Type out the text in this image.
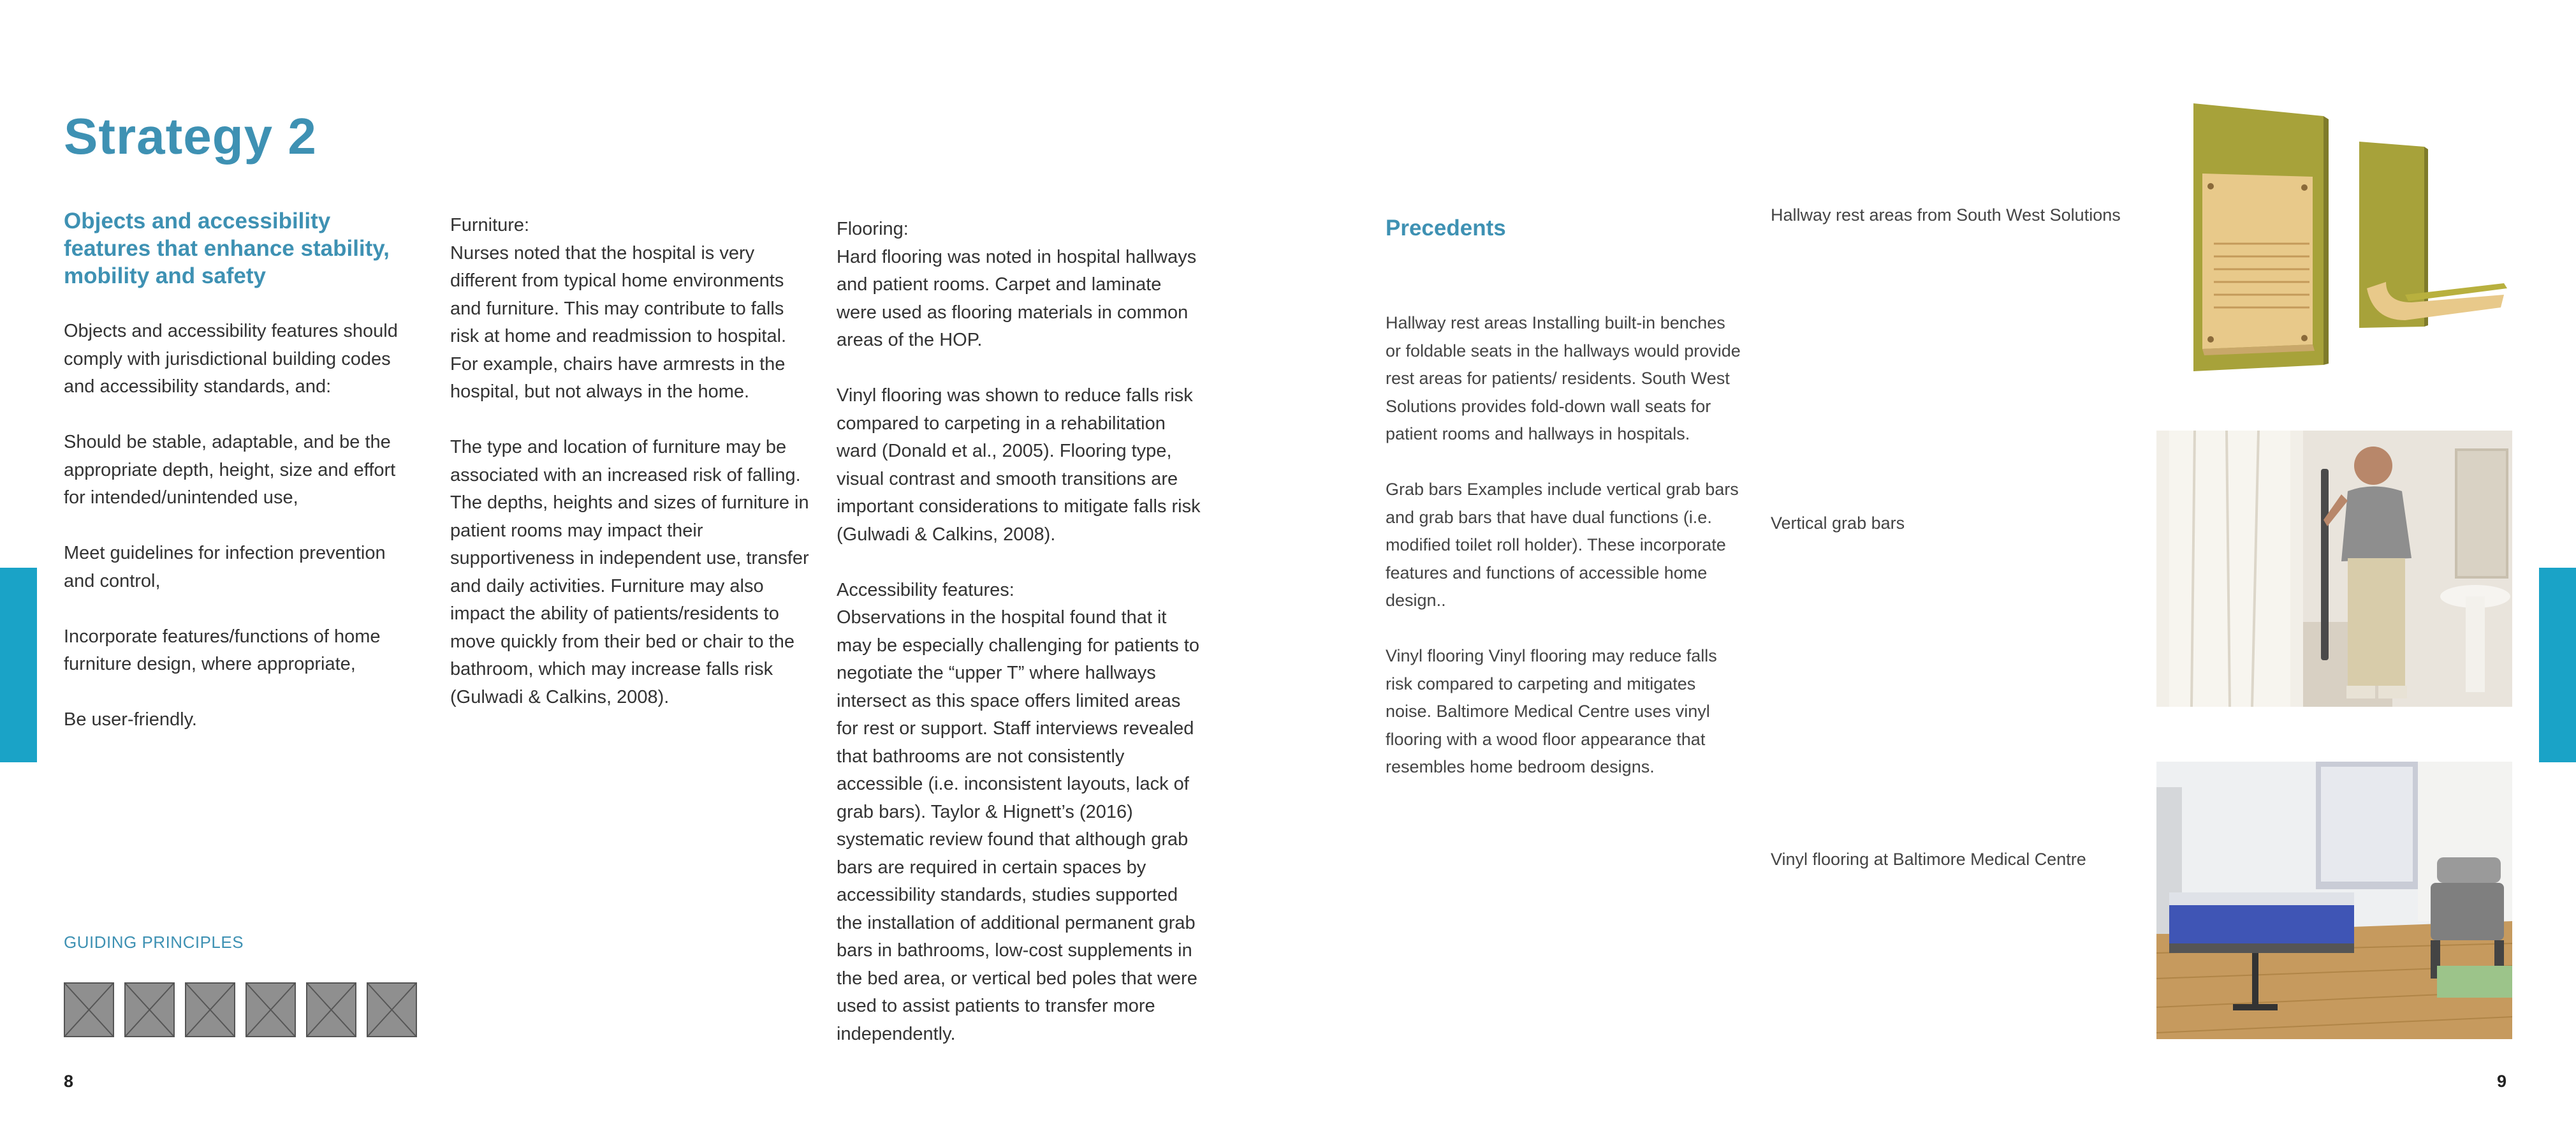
Strategy 2
Objects and accessibility features that enhance stability, mobility and safety

Objects and accessibility features should comply with jurisdictional building codes and accessibility standards, and:

Should be stable, adaptable, and be the appropriate depth, height, size and effort for intended/unintended use,

Meet guidelines for infection prevention and control,

Incorporate features/functions of home furniture design, where appropriate,

Be user-friendly.

Furniture:

Nurses noted that the hospital is very different from typical home environments and furniture. This may contribute to falls risk at home and readmission to hospital. For example, chairs have armrests in the hospital, but not always in the home.

The type and location of furniture may be associated with an increased risk of falling. The depths, heights and sizes of furniture in patient rooms may impact their supportiveness in independent use, transfer and daily activities. Furniture may also impact the ability of patients/residents to move quickly from their bed or chair to the bathroom, which may increase falls risk (Gulwadi & Calkins, 2008).

Flooring:

Hard flooring was noted in hospital hallways and patient rooms. Carpet and laminate were used as flooring materials in common areas of the HOP.

Vinyl flooring was shown to reduce falls risk compared to carpeting in a rehabilitation ward (Donald et al., 2005). Flooring type, visual contrast and smooth transitions are important considerations to mitigate falls risk (Gulwadi & Calkins, 2008).

Accessibility features:

Observations in the hospital found that it may be especially challenging for patients to negotiate the “upper T” where hallways intersect as this space offers limited areas for rest or support. Staff interviews revealed that bathrooms are not consistently accessible (i.e. inconsistent layouts, lack of grab bars). Taylor & Hignett’s (2016) systematic review found that although grab bars are required in certain spaces by accessibility standards, studies supported the installation of additional permanent grab bars in bathrooms, low-cost supplements in the bed area, or vertical bed poles that were used to assist patients to transfer more independently.

GUIDING PRINCIPLES
8
Precedents

Hallway rest areas Installing built-in benches or foldable seats in the hallways would provide rest areas for patients/ residents. South West Solutions provides fold-down wall seats for patient rooms and hallways in hospitals.

Grab bars Examples include vertical grab bars and grab bars that have dual functions (i.e. modified toilet roll holder). These incorporate features and functions of accessible home design..

Vinyl flooring Vinyl flooring may reduce falls risk compared to carpeting and mitigates noise. Baltimore Medical Centre uses vinyl flooring with a wood floor appearance that resembles home bedroom designs.

Hallway rest areas from South West Solutions
Vertical grab bars
Vinyl flooring at Baltimore Medical Centre
9
